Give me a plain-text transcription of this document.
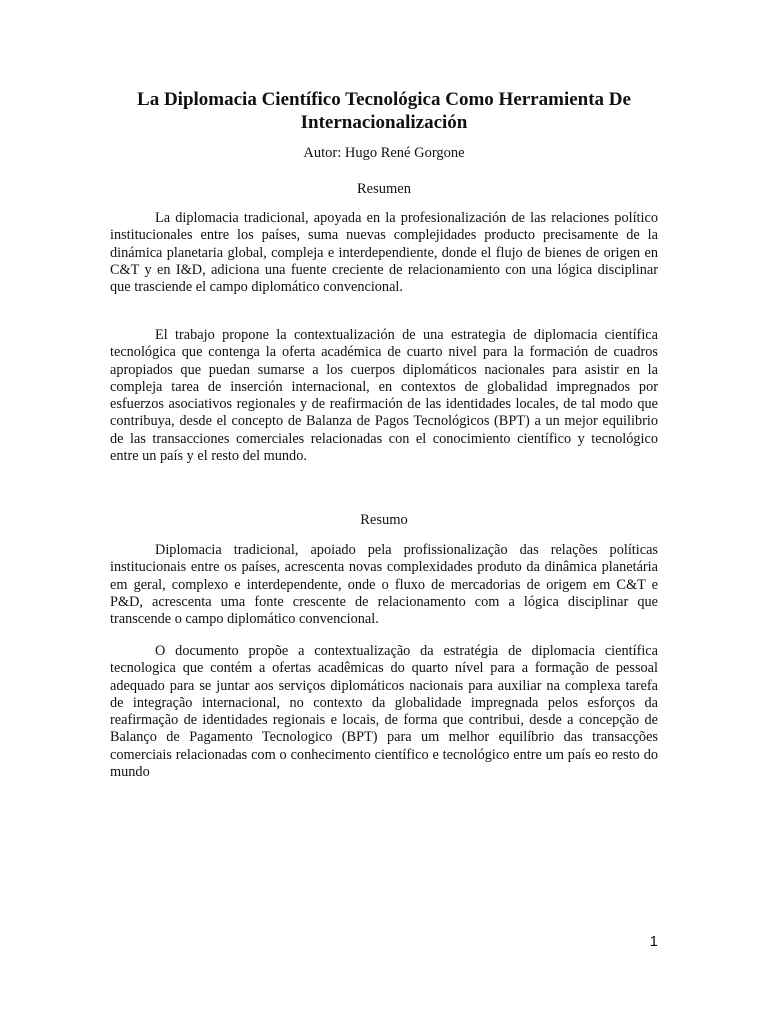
La Diplomacia Científico Tecnológica Como Herramienta De Internacionalización
Autor: Hugo René Gorgone
Resumen

La diplomacia tradicional, apoyada en la profesionalización de las relaciones político institucionales entre los países, suma nuevas complejidades producto precisamente de la dinámica planetaria global, compleja e interdependiente, donde el flujo de bienes de origen en C&T y en I&D, adiciona una fuente creciente de relacionamiento con una lógica disciplinar que trasciende el campo diplomático convencional.

El trabajo propone la contextualización de una estrategia de diplomacia científica tecnológica que contenga la oferta académica de cuarto nivel para la formación de cuadros apropiados que puedan sumarse a los cuerpos diplomáticos nacionales para asistir en la compleja tarea de inserción internacional, en contextos de globalidad impregnados por esfuerzos asociativos regionales y de reafirmación de las identidades locales, de tal modo que contribuya, desde el concepto de Balanza de Pagos Tecnológicos (BPT) a un mejor equilibrio de las transacciones comerciales relacionadas con el conocimiento científico y tecnológico entre un país y el resto del mundo.

Resumo

Diplomacia tradicional, apoiado pela profissionalização das relações políticas institucionais entre os países, acrescenta novas complexidades produto da dinâmica planetária em geral, complexo e interdependente, onde o fluxo de mercadorias de origem em C&T e P&D, acrescenta uma fonte crescente de relacionamento com a lógica disciplinar que transcende o campo diplomático convencional.

O documento propõe a contextualização da estratégia de diplomacia científica tecnologica que contém a ofertas acadêmicas do quarto nível para a formação de pessoal adequado para se juntar aos serviços diplomáticos nacionais para auxiliar na complexa tarefa de integração internacional, no contexto da globalidade impregnada pelos esforços da reafirmação de identidades regionais e locais, de forma que contribui, desde a concepção de Balanço de Pagamento Tecnologico (BPT) para um melhor equilíbrio das transacções comerciais relacionadas com o conhecimento científico e tecnológico entre um país eo resto do mundo

1
